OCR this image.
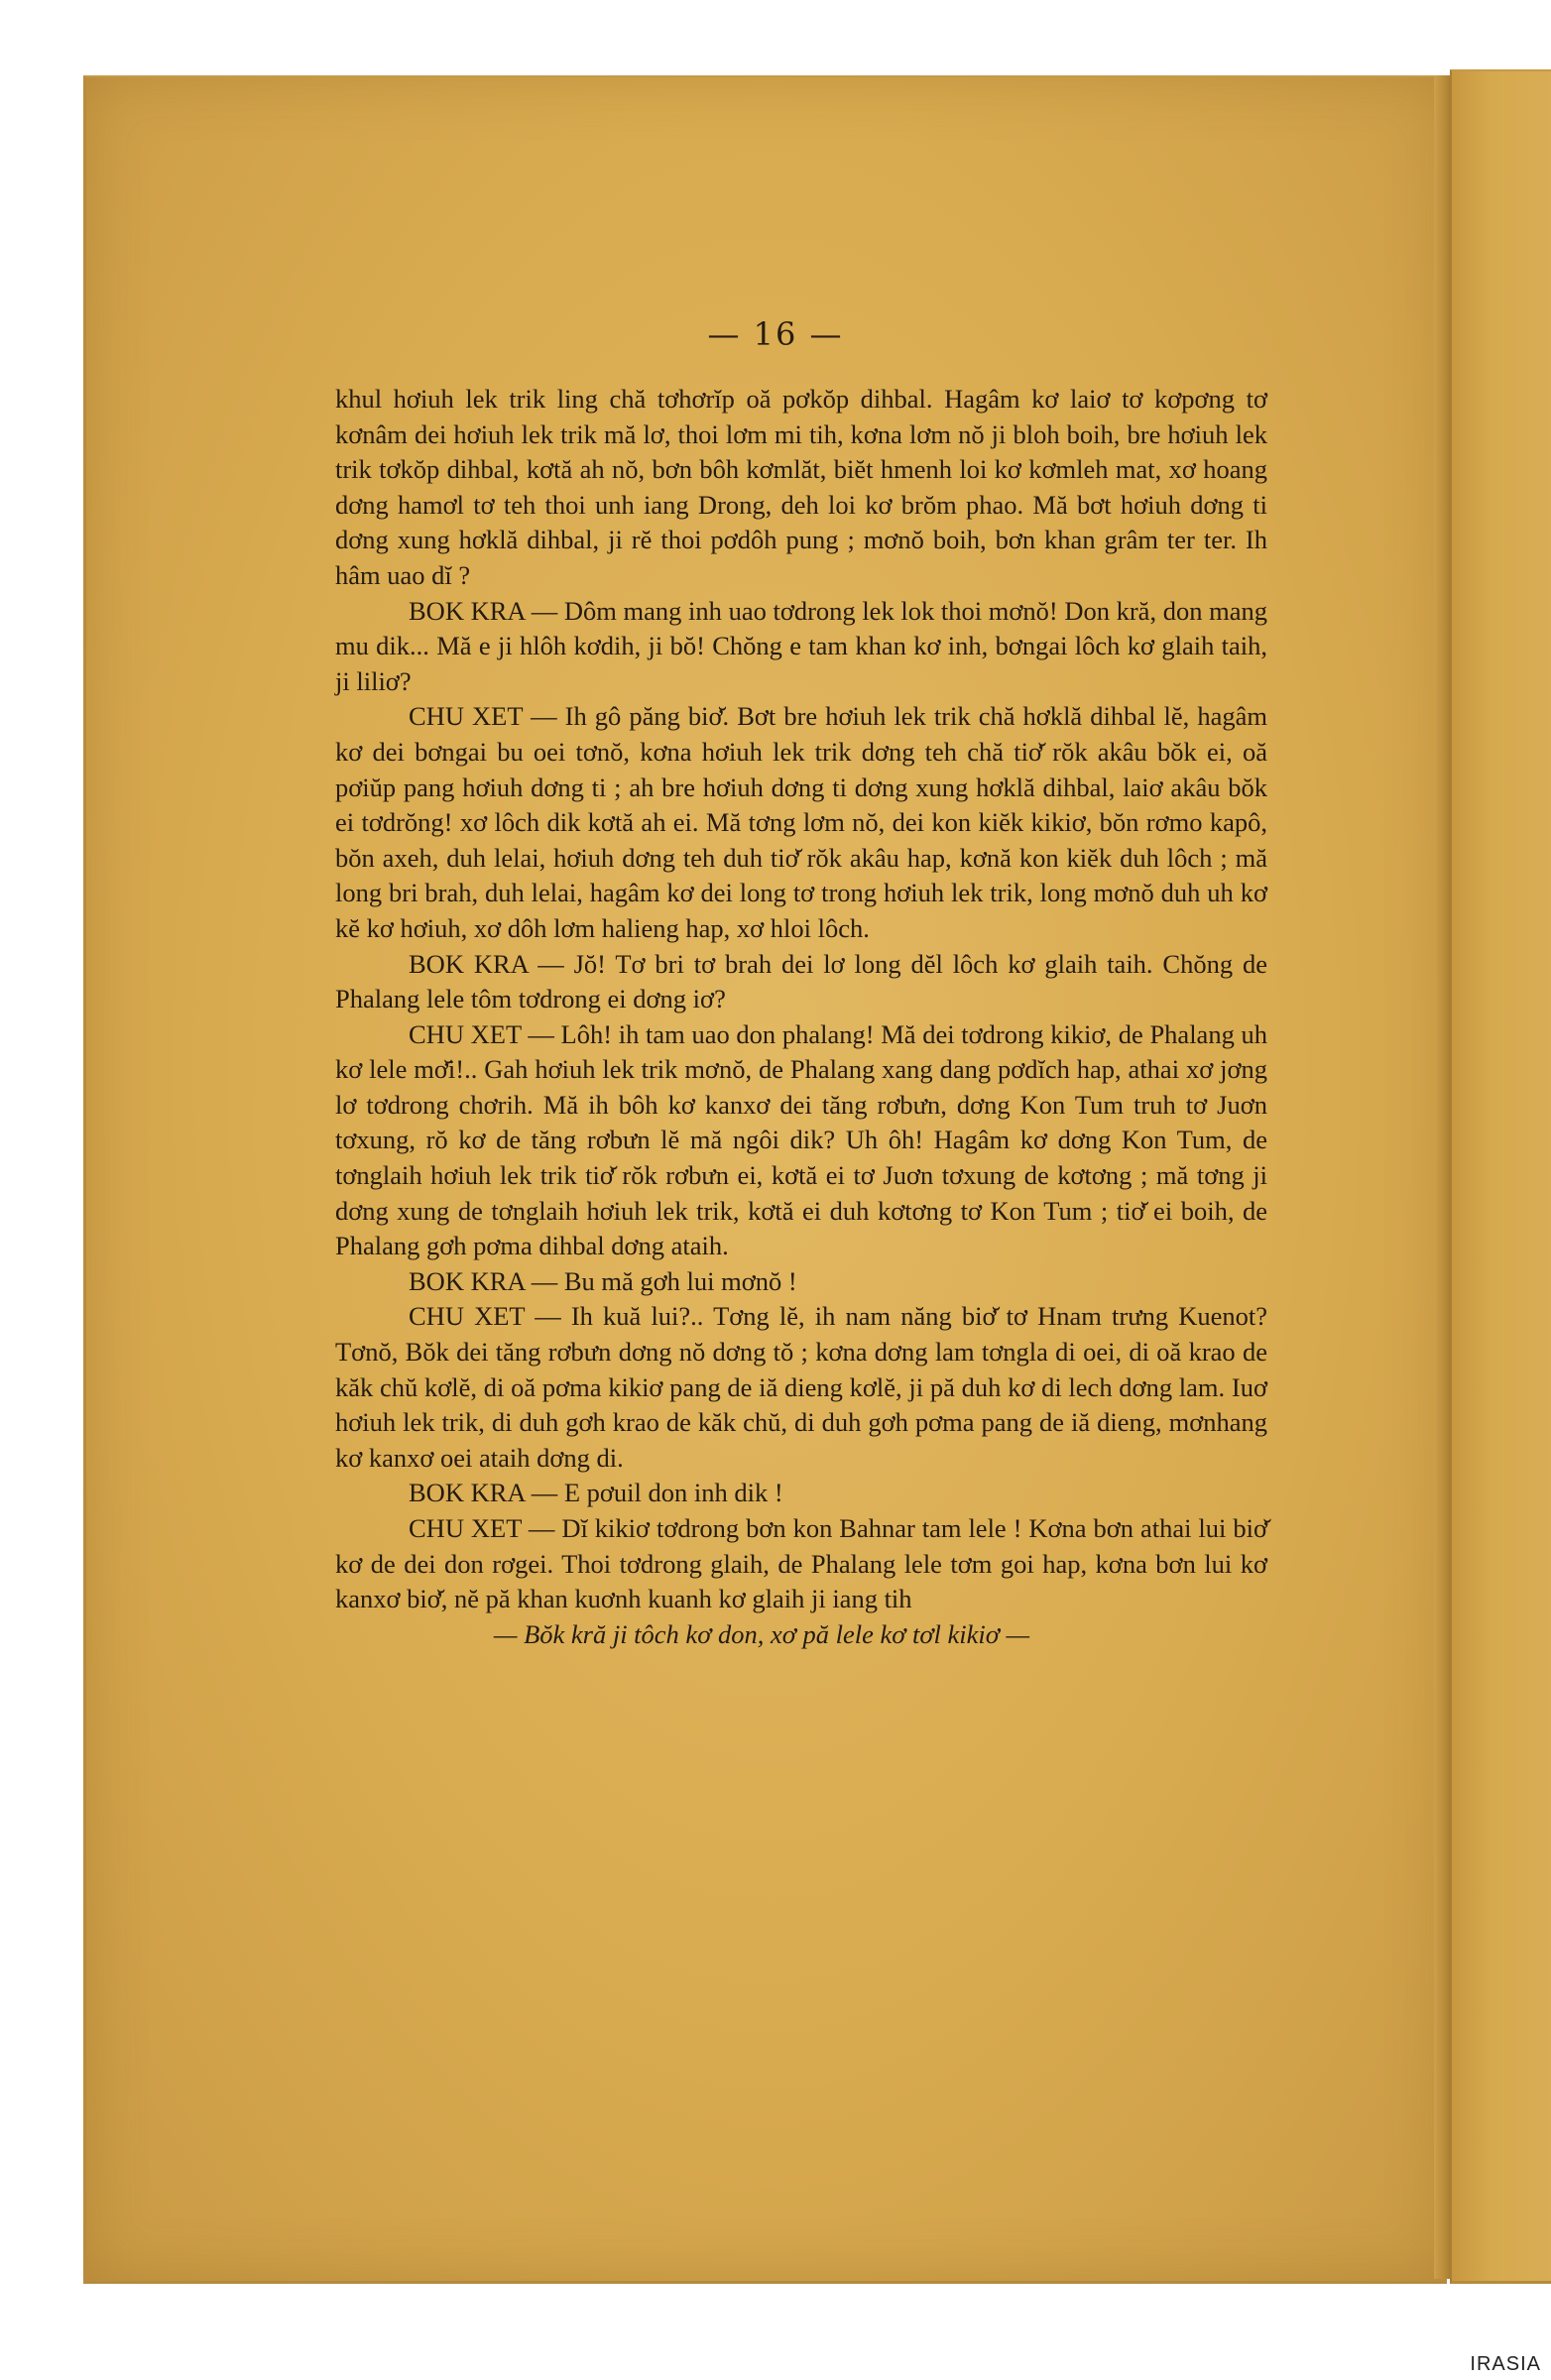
— 16 —

khul hơiuh lek trik ling chă tơhơrĭp oă pơkŏp dihbal. Hagâm kơ laiơ tơ kơpơng tơ kơnâm dei hơiuh lek trik mă lơ, thoi lơm mi tih, kơna lơm nŏ ji bloh boih, bre hơiuh lek trik tơkŏp dihbal, kơtă ah nŏ, bơn bôh kơmlăt, biĕt hmenh loi kơ kơmleh mat, xơ hoang dơng hamơl tơ teh thoi unh iang Drong, deh loi kơ brŏm phao. Mă bơt hơiuh dơng ti dơng xung hơklă dihbal, ji rĕ thoi pơdôh pung ; mơnŏ boih, bơn khan grâm ter ter. Ih hâm uao dĭ ?

BOK KRA — Dôm mang inh uao tơdrong lek lok thoi mơnŏ! Don kră, don mang mu dik... Mă e ji hlôh kơdih, ji bŏ! Chŏng e tam khan kơ inh, bơngai lôch kơ glaih taih, ji liliơ?

CHU XET — Ih gô păng biơ̆. Bơt bre hơiuh lek trik chă hơklă dihbal lĕ, hagâm kơ dei bơngai bu oei tơnŏ, kơna hơiuh lek trik dơng teh chă tiơ̆ rŏk akâu bŏk ei, oă pơiŭp pang hơiuh dơng ti ; ah bre hơiuh dơng ti dơng xung hơklă dihbal, laiơ akâu bŏk ei tơdrŏng! xơ lôch dik kơtă ah ei. Mă tơng lơm nŏ, dei kon kiĕk kikiơ, bŏn rơmo kapô, bŏn axeh, duh lelai, hơiuh dơng teh duh tiơ̆ rŏk akâu hap, kơnă kon kiĕk duh lôch ; mă long bri brah, duh lelai, hagâm kơ dei long tơ trong hơiuh lek trik, long mơnŏ duh uh kơ kĕ kơ hơiuh, xơ dôh lơm halieng hap, xơ hloi lôch.

BOK KRA — Jŏ! Tơ bri tơ brah dei lơ long dĕl lôch kơ glaih taih. Chŏng de Phalang lele tôm tơdrong ei dơng iơ?

CHU XET — Lôh! ih tam uao don phalang! Mă dei tơdrong kikiơ, de Phalang uh kơ lele mơ̆i!.. Gah hơiuh lek trik mơnŏ, de Phalang xang dang pơdĭch hap, athai xơ jơng lơ tơdrong chơrih. Mă ih bôh kơ kanxơ dei tăng rơbưn, dơng Kon Tum truh tơ Juơn tơxung, rŏ kơ de tăng rơbưn lĕ mă ngôi dik? Uh ôh! Hagâm kơ dơng Kon Tum, de tơnglaih hơiuh lek trik tiơ̆ rŏk rơbưn ei, kơtă ei tơ Juơn tơxung de kơtơng ; mă tơng ji dơng xung de tơnglaih hơiuh lek trik, kơtă ei duh kơtơng tơ Kon Tum ; tiơ̆ ei boih, de Phalang gơh pơma dihbal dơng ataih.

BOK KRA — Bu mă gơh lui mơnŏ !

CHU XET — Ih kuă lui?.. Tơng lĕ, ih nam năng biơ̆ tơ Hnam trưng Kuenot? Tơnŏ, Bŏk dei tăng rơbưn dơng nŏ dơng tŏ ; kơna dơng lam tơngla di oei, di oă krao de kăk chŭ kơlĕ, di oă pơma kikiơ pang de iă dieng kơlĕ, ji pă duh kơ di lech dơng lam. Iuơ hơiuh lek trik, di duh gơh krao de kăk chŭ, di duh gơh pơma pang de iă dieng, mơnhang kơ kanxơ oei ataih dơng di.

BOK KRA — E pơuil don inh dik !

CHU XET — Dĭ kikiơ tơdrong bơn kon Bahnar tam lele ! Kơna bơn athai lui biơ̆ kơ de dei don rơgei. Thoi tơdrong glaih, de Phalang lele tơm goi hap, kơna bơn lui kơ kanxơ biơ̆, nĕ pă khan kuơnh kuanh kơ glaih ji iang tih

— Bŏk kră ji tôch kơ don, xơ pă lele kơ tơl kikiơ —

IRASIA
